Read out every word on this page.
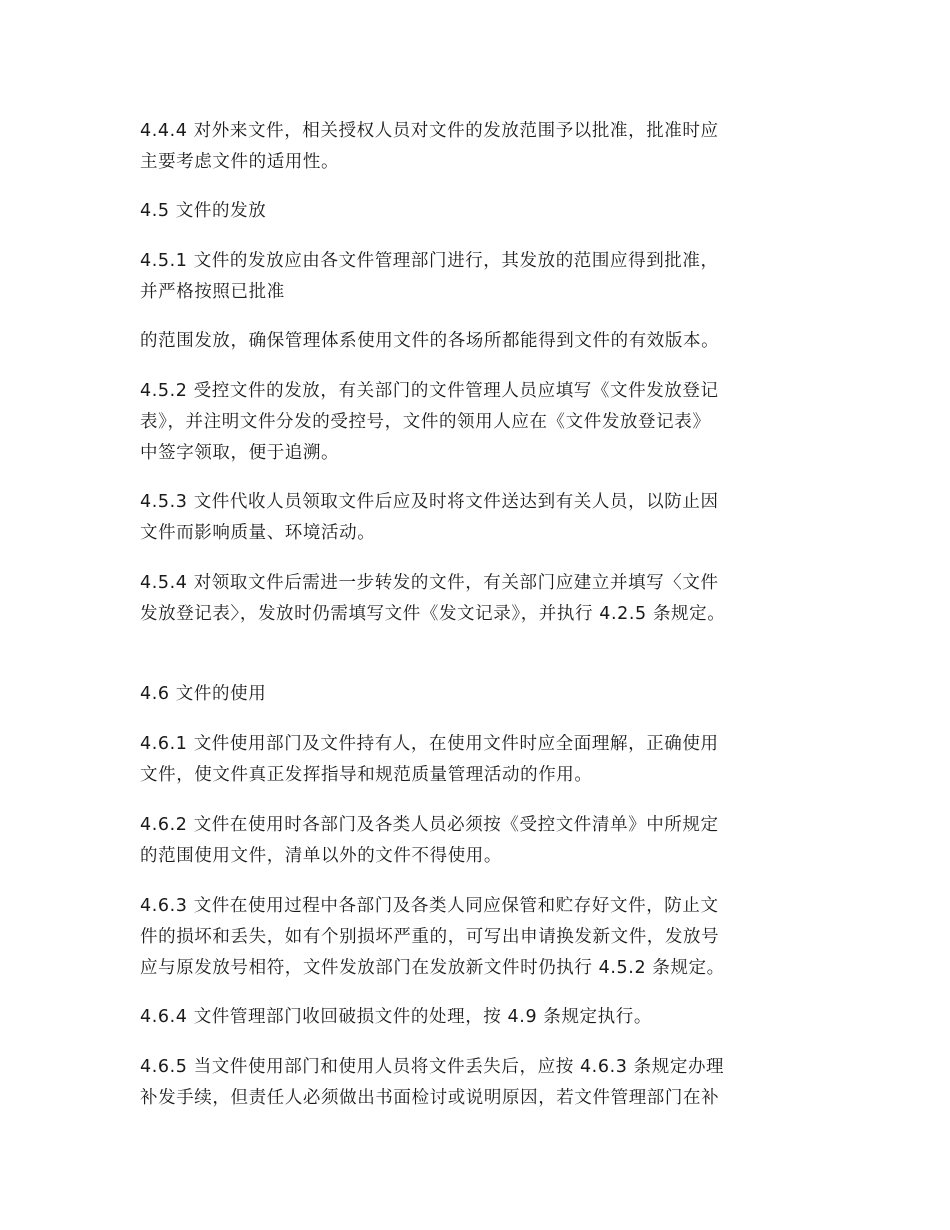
4.4.4 对外来文件，相关授权人员对文件的发放范围予以批准，批准时应
主要考虑文件的适用性。

4.5 文件的发放

4.5.1 文件的发放应由各文件管理部门进行，其发放的范围应得到批准，
并严格按照已批准

的范围发放，确保管理体系使用文件的各场所都能得到文件的有效版本。

4.5.2 受控文件的发放，有关部门的文件管理人员应填写《文件发放登记
表》，并注明文件分发的受控号，文件的领用人应在《文件发放登记表》
中签字领取，便于追溯。

4.5.3 文件代收人员领取文件后应及时将文件送达到有关人员，以防止因
文件而影响质量、环境活动。

4.5.4 对领取文件后需进一步转发的文件，有关部门应建立并填写〈文件
发放登记表〉，发放时仍需填写文件《发文记录》，并执行 4.2.5 条规定。

4.6 文件的使用

4.6.1 文件使用部门及文件持有人，在使用文件时应全面理解，正确使用
文件，使文件真正发挥指导和规范质量管理活动的作用。

4.6.2 文件在使用时各部门及各类人员必须按《受控文件清单》中所规定
的范围使用文件，清单以外的文件不得使用。

4.6.3 文件在使用过程中各部门及各类人同应保管和贮存好文件，防止文
件的损坏和丢失，如有个别损坏严重的，可写出申请换发新文件，发放号
应与原发放号相符，文件发放部门在发放新文件时仍执行 4.5.2 条规定。

4.6.4 文件管理部门收回破损文件的处理，按 4.9 条规定执行。

4.6.5 当文件使用部门和使用人员将文件丢失后，应按 4.6.3 条规定办理
补发手续，但责任人必须做出书面检讨或说明原因，若文件管理部门在补
